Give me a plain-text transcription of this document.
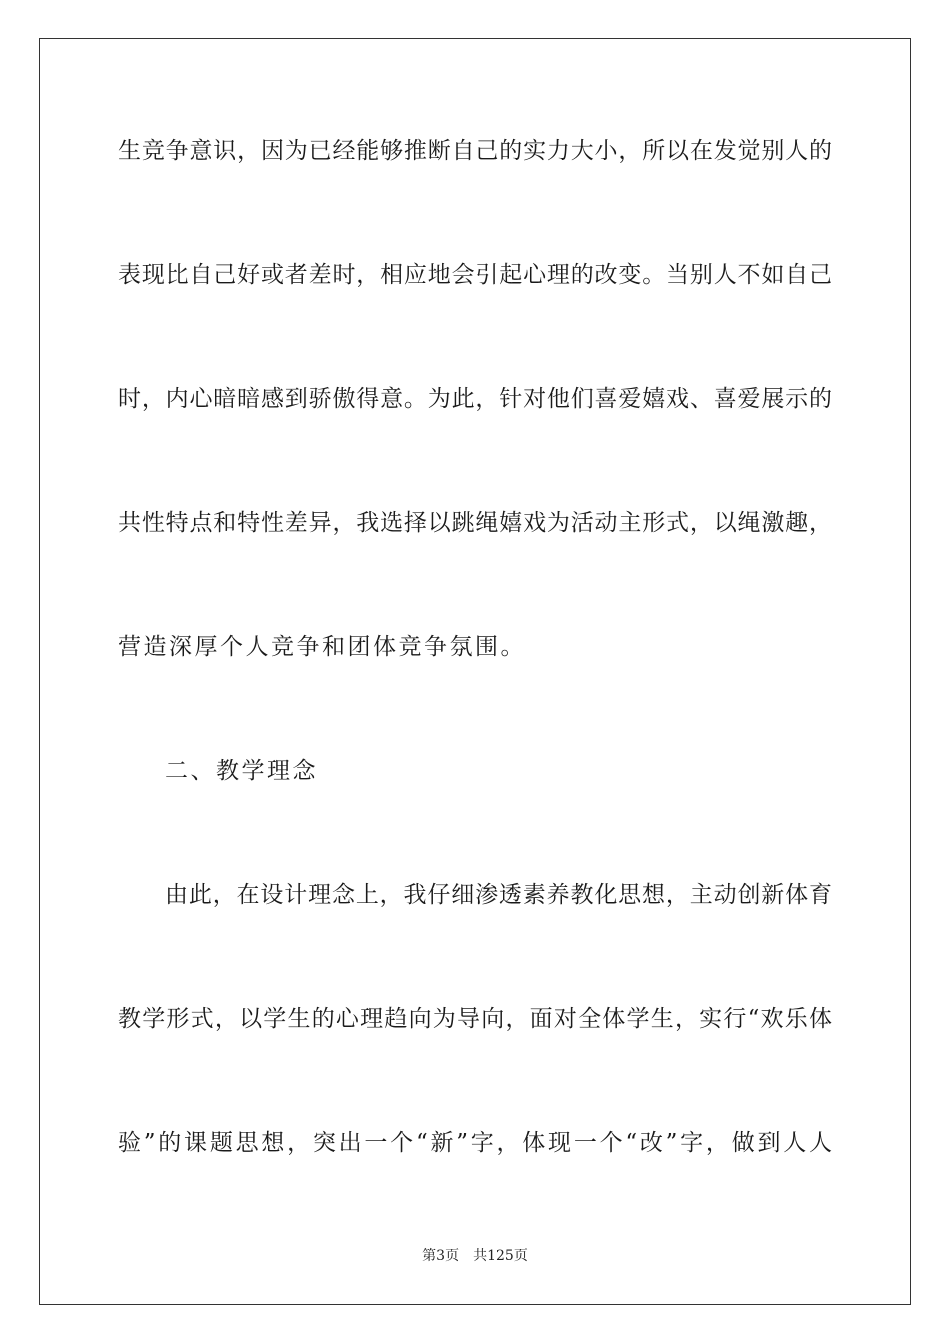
生竞争意识，因为已经能够推断自己的实力大小，所以在发觉别人的
表现比自己好或者差时，相应地会引起心理的改变。当别人不如自己
时，内心暗暗感到骄傲得意。为此，针对他们喜爱嬉戏、喜爱展示的
共性特点和特性差异，我选择以跳绳嬉戏为活动主形式，以绳激趣，
营造深厚个人竞争和团体竞争氛围。
二、教学理念
由此，在设计理念上，我仔细渗透素养教化思想，主动创新体育
教学形式，以学生的心理趋向为导向，面对全体学生，实行“欢乐体
验”的课题思想，突出一个“新”字，体现一个“改”字，做到人人
第3页 共125页
